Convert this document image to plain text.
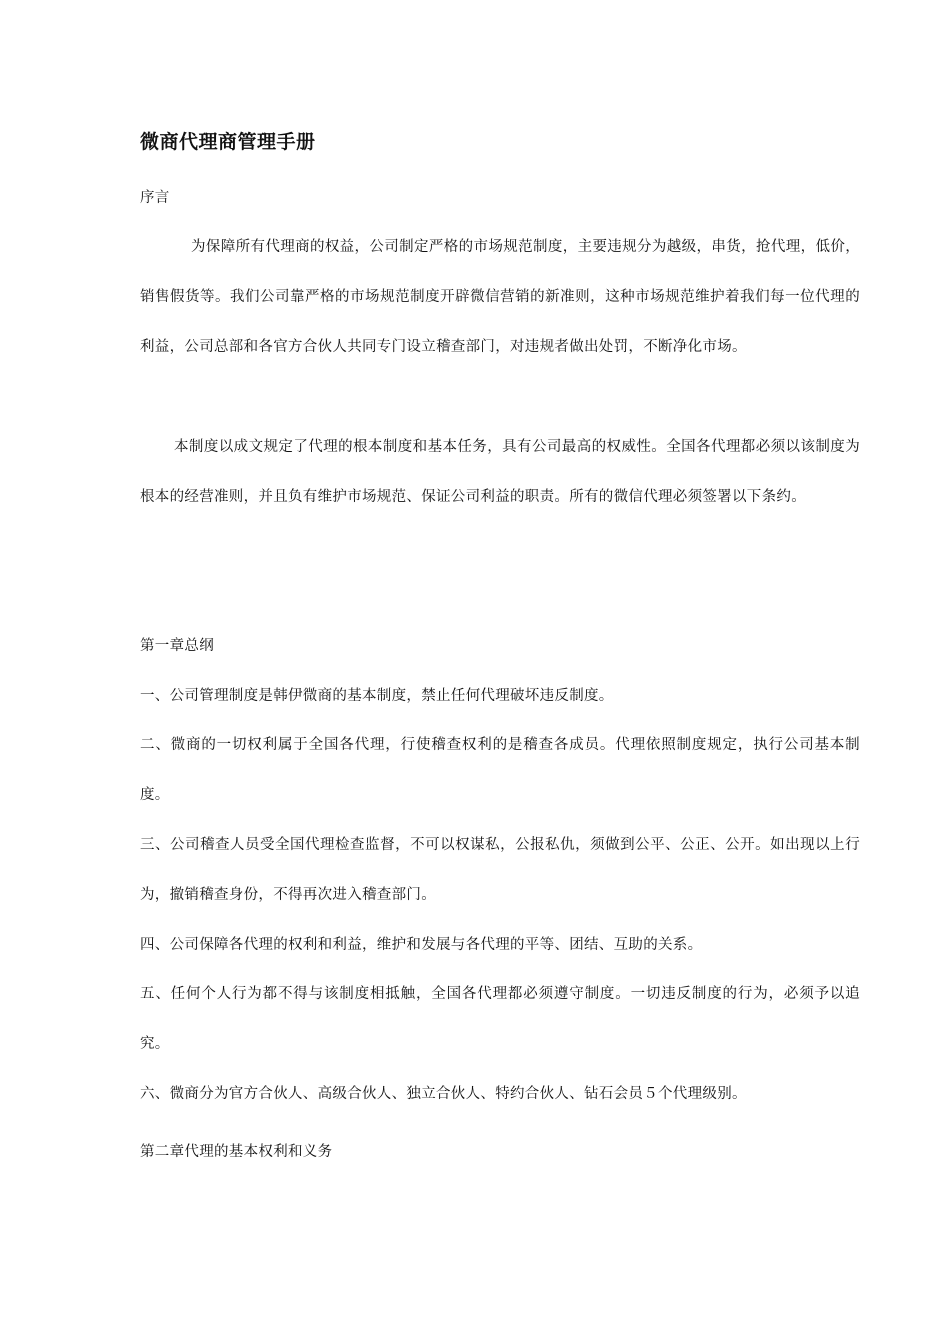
微商代理商管理手册
序言

为保障所有代理商的权益，公司制定严格的市场规范制度，主要违规分为越级，串货，抢代理，低价，销售假货等。我们公司靠严格的市场规范制度开辟微信营销的新准则，这种市场规范维护着我们每一位代理的利益，公司总部和各官方合伙人共同专门设立稽查部门，对违规者做出处罚，不断净化市场。

本制度以成文规定了代理的根本制度和基本任务，具有公司最高的权威性。全国各代理都必须以该制度为根本的经营准则，并且负有维护市场规范、保证公司利益的职责。所有的微信代理必须签署以下条约。

第一章总纲
一、公司管理制度是韩伊微商的基本制度，禁止任何代理破坏违反制度。

二、微商的一切权利属于全国各代理，行使稽查权利的是稽查各成员。代理依照制度规定，执行公司基本制度。

三、公司稽查人员受全国代理检查监督，不可以权谋私，公报私仇，须做到公平、公正、公开。如出现以上行为，撤销稽查身份，不得再次进入稽查部门。

四、公司保障各代理的权利和利益，维护和发展与各代理的平等、团结、互助的关系。

五、任何个人行为都不得与该制度相抵触，全国各代理都必须遵守制度。一切违反制度的行为，必须予以追究。

六、微商分为官方合伙人、高级合伙人、独立合伙人、特约合伙人、钻石会员５个代理级别。
第二章代理的基本权利和义务
